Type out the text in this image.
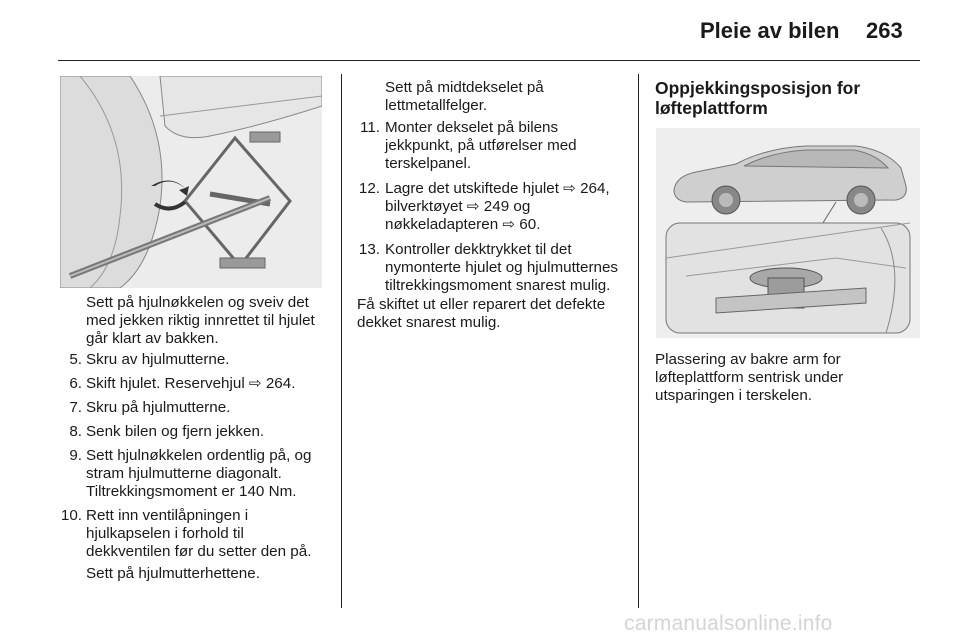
Pleie av bilen 263
Sett på hjulnøkkelen og sveiv det
med jekken riktig innrettet til hjulet
går klart av bakken.
5. Skru av hjulmutterne.
6. Skift hjulet. Reservehjul ⇨ 264.
7. Skru på hjulmutterne.
8. Senk bilen og fjern jekken.
9. Sett hjulnøkkelen ordentlig på, og stram hjulmutterne diagonalt. Tiltrekkingsmoment er 140 Nm.
10. Rett inn ventilåpningen i hjulkapselen i forhold til dekkventilen før du setter den på.
Sett på hjulmutterhettene.
Sett på midtdekselet på lettmetallfelger.
11. Monter dekselet på bilens jekkpunkt, på utførelser med terskelpanel.
12. Lagre det utskiftede hjulet ⇨ 264, bilverktøyet ⇨ 249 og nøkkeladapteren ⇨ 60.
13. Kontroller dekktrykket til det nymonterte hjulet og hjulmutternes tiltrekkingsmoment snarest mulig.
Få skiftet ut eller reparert det defekte dekket snarest mulig.
Oppjekkingsposisjon for løfteplattform
Plassering av bakre arm for løfteplattform sentrisk under utsparingen i terskelen.
carmanualsonline.info
